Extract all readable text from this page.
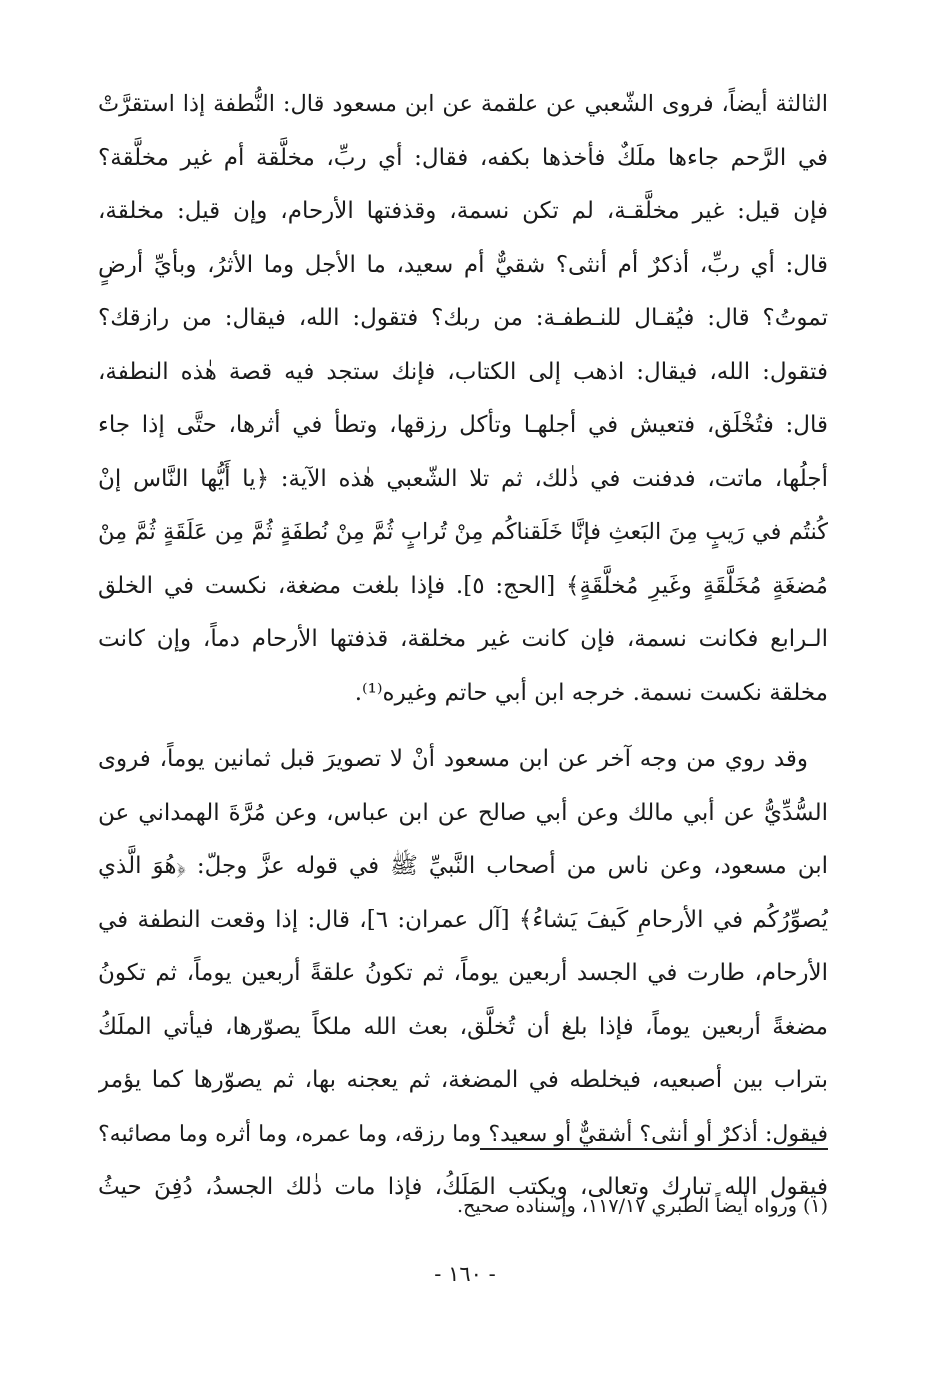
الثالثة أيضاً، فروى الشّعبي عن علقمة عن ابن مسعود قال: النُّطفة إذا استقرَّتْ
في الرَّحم جاءها ملَكٌ فأخذها بكفه، فقال: أي ربِّ، مخلَّقة أم غير مخلَّقة؟
فإن قيل: غير مخلَّقـة، لم تكن نسمة، وقذفتها الأرحام، وإن قيل: مخلقة،
قال: أي ربِّ، أذكرٌ أم أنثى؟ شقيٌّ أم سعيد، ما الأجل وما الأثرُ، وبأيِّ أرضٍ
تموتُ؟ قال: فيُقـال للنـطفـة: من ربك؟ فتقول: الله، فيقال: من رازقك؟
فتقول: الله، فيقال: اذهب إلى الكتاب، فإنك ستجد فيه قصة هٰذه النطفة،
قال: فتُخْلَق، فتعيش في أجلهـا وتأكل رزقها، وتطأ في أثرها، حتَّى إذا جاء
أجلُها، ماتت، فدفنت في ذٰلك، ثم تلا الشّعبي هٰذه الآية: ﴿يا أَيُّها النَّاس إنْ
كُنتُم في رَيبٍ مِنَ البَعثِ فإنَّا خَلَقناكُم مِنْ تُرابٍ ثُمَّ مِنْ نُطفَةٍ ثُمَّ مِن عَلَقَةٍ ثُمَّ مِنْ
مُضغَةٍ مُخَلَّقَةٍ وغَيرِ مُخلَّقَةٍ﴾ [الحج: ٥]. فإذا بلغت مضغة، نكست في الخلق
الـرابع فكانت نسمة، فإن كانت غير مخلقة، قذفتها الأرحام دماً، وإن كانت
مخلقة نكست نسمة. خرجه ابن أبي حاتم وغيره⁽¹⁾.
وقد روي من وجه آخر عن ابن مسعود أنْ لا تصويرَ قبل ثمانين يوماً، فروى
السُّدِّيُّ عن أبي مالك وعن أبي صالح عن ابن عباس، وعن مُرَّةَ الهمداني عن
ابن مسعود، وعن ناس من أصحاب النَّبيِّ ﷺ في قوله عزَّ وجلّ: ﴿هُوَ الَّذي
يُصوِّرُكُم في الأرحامِ كَيفَ يَشاءُ﴾ [آل عمران: ٦]، قال: إذا وقعت النطفة في
الأرحام، طارت في الجسد أربعين يوماً، ثم تكونُ علقةً أربعين يوماً، ثم تكونُ
مضغةً أربعين يوماً، فإذا بلغ أن تُخلَّق، بعث الله ملكاً يصوّرها، فيأتي الملَكُ
بتراب بين أصبعيه، فيخلطه في المضغة، ثم يعجنه بها، ثم يصوّرها كما يؤمر
فيقول: أذكرٌ أو أنثى؟ أشقيٌّ أو سعيد؟ وما رزقه، وما عمره، وما أثره وما مصائبه؟
فيقول الله تبارك وتعالى، ويكتب المَلَكُ، فإذا مات ذٰلك الجسدُ، دُفِنَ حيثُ
(١) ورواه أيضاً الطبري ١١٧/١٧، وإسناده صحيح.
- ١٦٠ -
